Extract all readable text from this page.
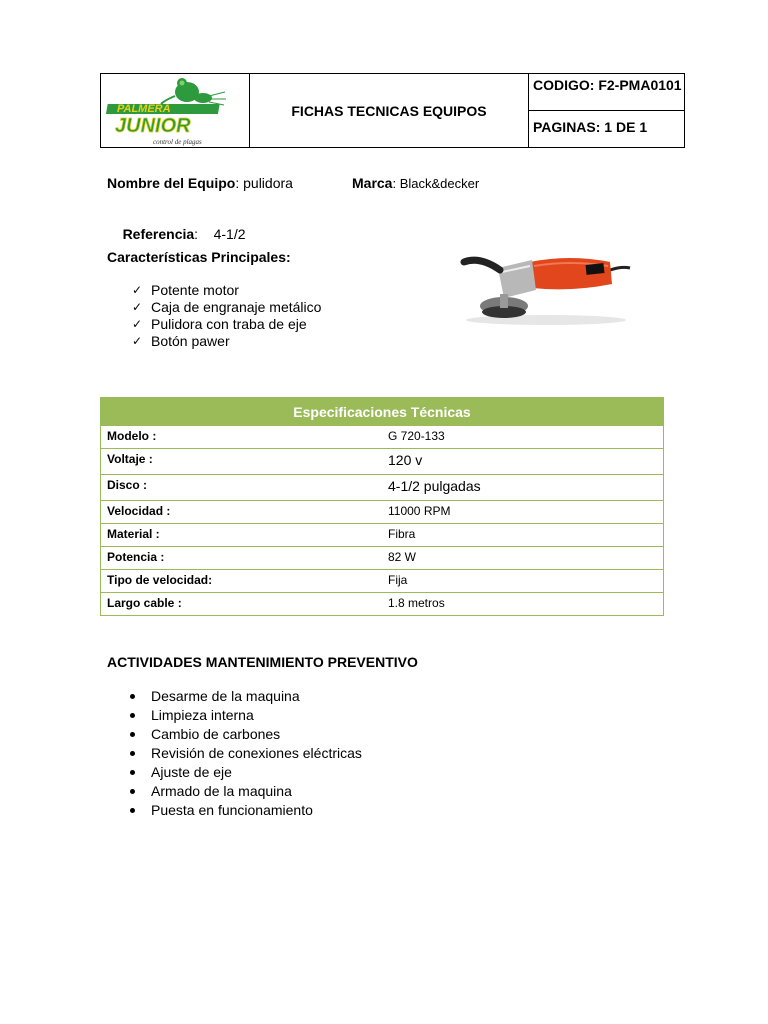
PALMERA
JUNIOR
control de plagas
FICHAS TECNICAS EQUIPOS
CODIGO: F2-PMA0101
PAGINAS: 1 DE 1
Nombre del Equipo: pulidora	Marca: Black&decker

Referencia:    4-1/2

Características Principales:
✓ Potente motor
✓ Caja de engranaje metálico
✓ Pulidora con traba de eje
✓ Botón pawer
Especificaciones Técnicas
Modelo :	G 720-133
Voltaje :	120 v
Disco :	4-1/2 pulgadas
Velocidad :	11000 RPM
Material :	Fibra
Potencia :	82 W
Tipo de velocidad:	Fija
Largo cable :	1.8 metros
ACTIVIDADES MANTENIMIENTO PREVENTIVO
Desarme de la maquina
Limpieza interna
Cambio de carbones
Revisión de conexiones eléctricas
Ajuste de eje
Armado de la maquina
Puesta en funcionamiento
